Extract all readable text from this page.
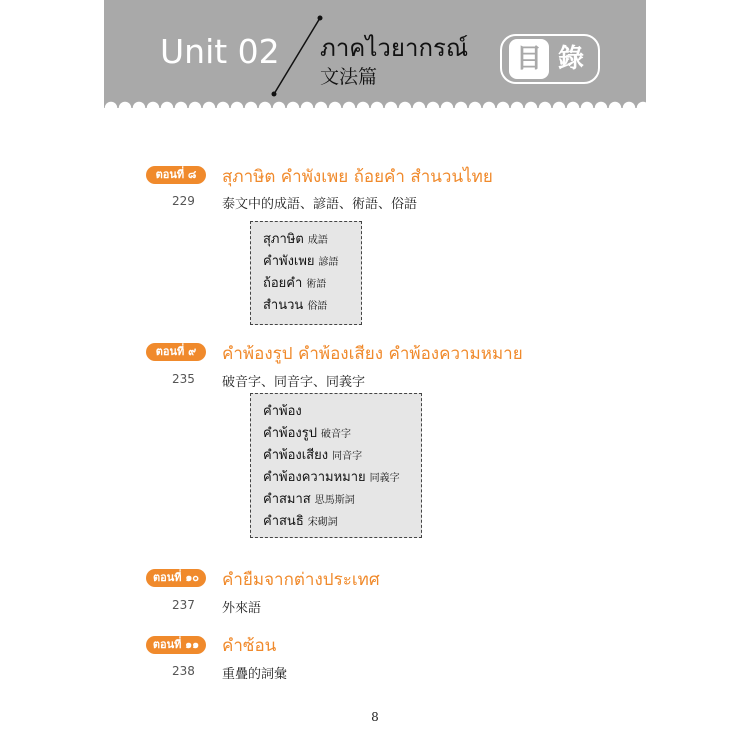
Unit 02 ภาคไวยากรณ์
文法篇
目 錄
ตอนที่ ๘	สุภาษิต คำพังเพย ถ้อยคำ สำนวนไทย
229 泰文中的成語、諺語、術語、俗語
สุภาษิต 成語
คำพังเพย 諺語
ถ้อยคำ 術語
สำนวน 俗語
ตอนที่ ๙	คำพ้องรูป คำพ้องเสียง คำพ้องความหมาย
235 破音字、同音字、同義字
คำพ้อง
คำพ้องรูป 破音字
คำพ้องเสียง 同音字
คำพ้องความหมาย 同義字
คำสมาส 思馬斯詞
คำสนธิ 宋砌詞
ตอนที่ ๑๐	คำยืมจากต่างประเทศ
237 外來語
ตอนที่ ๑๑	คำซ้อน
238 重疊的詞彙
8
